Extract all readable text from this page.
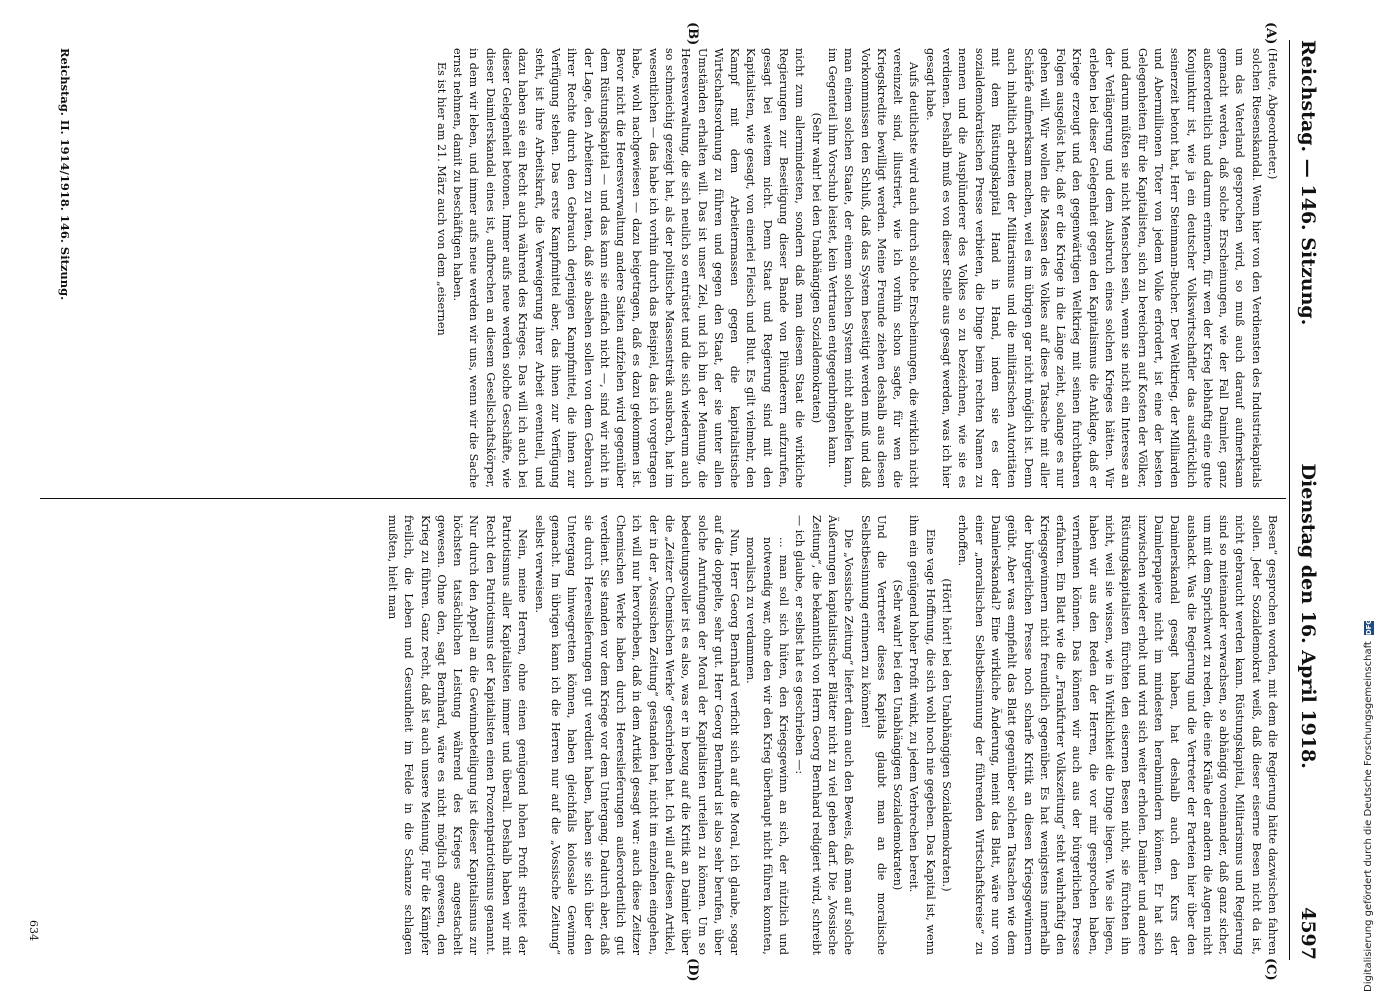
Reichstag. — 146. Sitzung.
Dienstag den 16. April 1918.
4597
(A)
(B)
(C)
(D)

(Heute, Abgeordneter.)

solchen Riesenskandal. Wenn hier von den Verdiensten des Industriekapitals um das Vaterland gesprochen wird, so muß auch darauf aufmerksam gemacht werden, daß solche Erscheinungen, wie der Fall Daimler, ganz außerordentlich und darum erinnern, für wen der Krieg lebhaftig eine gute Konjunktur ist, wie ja ein deutscher Volkswirtschaftler das ausdrücklich seinerzeit betont hat, Herr Steinmann-Bucher. Der Weltkrieg, der Milliarden und Abermillionen Toter von jedem Volke erfordert, ist eine der besten Gelegenheiten für die Kapitalisten, sich zu bereichern auf Kosten der Völker, und darum müßten sie nicht Menschen sein, wenn sie nicht ein Interesse an der Verlängerung und dem Ausbruch eines solchen Krieges hätten. Wir erleben bei dieser Gelegenheit gegen den Kapitalismus die Anklage, daß er Kriege erzeugt und den gegenwärtigen Weltkrieg mit seinen furchtbaren Folgen ausgelöst hat; daß er die Kriege in die Länge zieht, solange es nur gehen will. Wir wollen die Massen des Volkes auf diese Tatsache mit aller Schärfe aufmerksam machen, weil es im übrigen gar nicht möglich ist. Denn auch inhaltlich arbeiten der Militarismus und die militärischen Autoritäten mit dem Rüstungskapital Hand in Hand, indem sie es der sozialdemokratischen Presse verbieten, die Dinge beim rechten Namen zu nennen und die Ausplünderer des Volkes so zu bezeichnen, wie sie es verdienen. Deshalb muß es von dieser Stelle aus gesagt werden, was ich hier gesagt habe.

Aufs deutlichste wird auch durch solche Erscheinungen, die wirklich nicht vereinzelt sind, illustriert, wie ich vorhin schon sagte, für wen die Kriegskredite bewilligt werden. Meine Freunde ziehen deshalb aus diesen Vorkommnissen den Schluß, daß das System beseitigt werden muß und daß man einem solchen Staate, der einem solchen System nicht abhelfen kann, im Gegenteil ihm Vorschub leistet, kein Vertrauen entgegenbringen kann.

(Sehr wahr! bei den Unabhängigen Sozialdemokraten)

nicht zum allermindesten, sondern daß man diesem Staat die wirkliche Regierungen zur Beseitigung dieser Bande von Plünderern aufzurufen, gesagt bei weitem nicht. Denn Staat und Regierung sind mit den Kapitalisten, wie gesagt, von einerlei Fleisch und Blut. Es gilt vielmehr, den Kampf mit dem Arbeitermassen gegen die kapitalistische Wirtschaftsordnung zu führen und gegen den Staat, der sie unter allen Umständen erhalten will. Das ist unser Ziel, und ich bin der Meinung, die Heeresverwaltung, die sich neulich so entrüstet und die sich wiederum auch so schmeichig gezeigt hat, als der politische Massenstreik ausbrach, hat im wesentlichen — das habe ich vorhin durch das Beispiel, das ich vorgetragen habe, wohl nachgewiesen — dazu beigetragen, daß es dazu gekommen ist. Bevor nicht die Heeresverwaltung andere Saiten aufziehen wird gegenüber dem Rüstungskapital — und das kann sie einfach nicht —, sind wir nicht in der Lage, den Arbeitern zu raten, daß sie absehen sollen von dem Gebrauch ihrer Rechte durch den Gebrauch derjenigen Kampfmittel, die ihnen zur Verfügung stehen. Das erste Kampfmittel aber, das ihnen zur Verfügung steht, ist ihre Arbeitskraft, die Verweigerung ihrer Arbeit eventuell, und dazu haben sie ein Recht auch während des Krieges. Das will ich auch bei dieser Gelegenheit betonen. Immer aufs neue werden solche Geschäfte, wie dieser Daimlerskandal eines ist, aufbrechen an diesem Gesellschaftskörper, in dem wir leben, und immer aufs neue werden wir uns, wenn wir die Sache ernst nehmen, damit zu beschäftigen haben.

Es ist hier am 21. März auch von dem „eisernen

Besen“ gesprochen worden, mit dem die Regierung hätte dazwischen fahren sollen. Jeder Sozialdemokrat weiß, daß dieser eiserne Besen nicht da ist, nicht gebraucht werden kann. Rüstungskapital, Militarismus und Regierung sind so miteinander verwachsen, so abhängig voneinander, daß ganz sicher, um mit dem Sprichwort zu reden, die eine Krähe der andern die Augen nicht aushackt. Was die Regierung und die Vertreter der Parteien hier über den Daimlerskandal gesagt haben, hat deshalb auch den Kurs der Daimlerpapiere nicht im mindesten herabmindern können. Er hat sich inzwischen wieder erholt und wird sich weiter erholen. Daimler und andere Rüstungskapitalisten fürchten den eisernen Besen nicht, sie fürchten ihn nicht, weil sie wissen, wie in Wirklichkeit die Dinge liegen. Wie sie liegen, haben wir aus den Reden der Herren, die vor mir gesprochen haben, vernehmen können. Das können wir auch aus der bürgerlichen Presse erfahren. Ein Blatt wie die „Frankfurter Volkszeitung“ steht wahrhaftig den Kriegsgewinnern nicht freundlich gegenüber. Es hat wenigstens innerhalb der bürgerlichen Presse noch scharfe Kritik an diesen Kriegsgewinnern geübt. Aber was empfiehlt das Blatt gegenüber solchen Tatsachen wie dem Daimlerskandal? Eine wirkliche Änderung, meint das Blatt, wäre nur von einer „moralischen Selbstbesinnung der führenden Wirtschaftskreise“ zu erhoffen.

(Hört! hört! bei den Unabhängigen Sozialdemokraten.)

Eine vage Hoffnung, die sich wohl noch nie gegeben. Das Kapital ist, wenn ihm ein genügend hoher Profit winkt, zu jedem Verbrechen bereit.

(Sehr wahr! bei den Unabhängigen Sozialdemokraten)

Und die Vertreter dieses Kapitals glaubt man an die moralische Selbstbesinnung erinnern zu können!

Die „Vossische Zeitung“ liefert dann auch den Beweis, daß man auf solche Äußerungen kapitalistischer Blätter nicht zu viel geben darf. Die „Vossische Zeitung“, die bekanntlich von Herrn Georg Bernhard redigiert wird, schreibt — ich glaube, er selbst hat es geschrieben —:

... man soll sich hüten, den Kriegsgewinn an sich, der nützlich und notwendig war, ohne den wir den Krieg überhaupt nicht führen konnten, moralisch zu verdammen.

Nun, Herr Georg Bernhard verficht sich auf die Moral, ich glaube, sogar auf die doppelte, sehr gut. Herr Georg Bernhard ist also sehr berufen, über solche Anrufungen der Moral der Kapitalisten urteilen zu können. Um so bedeutungsvoller ist es also, was er in bezug auf die Kritik an Daimler über die „Zeitzer Chemischen Werke“ geschrieben hat. Ich will auf diesen Artikel, der in der „Vossischen Zeitung“ gestanden hat, nicht im einzelnen eingehen, ich will nur hervorheben, daß in dem Artikel gesagt war: auch diese Zeitzer Chemischen Werke haben durch Heereslieferungen außerordentlich gut verdient. Sie standen vor dem Kriege vor dem Untergang. Dadurch aber, daß sie durch Heereslieferungen gut verdient haben, haben sie sich über den Untergang hinwegretten können, haben gleichfalls kolossale Gewinne gemacht. Im übrigen kann ich die Herren nur auf die „Vossische Zeitung“ selbst verweisen.

Nein, meine Herren, ohne einen genügend hohen Profit streitet der Patriotismus aller Kapitalisten immer und überall. Deshalb haben wir mit Recht den Patriotismus der Kapitalisten einen Prozentpatriotismus genannt. Nur durch den Appell an die Gewinnbeteiligung ist dieser Kapitalismus zur höchsten tatsächlichen Leistung während des Krieges angestachelt gewesen. Ohne den, sagt Bernhard, wäre es nicht möglich gewesen, den Krieg zu führen. Ganz recht, daß ist auch unsere Meinung. Für die Kämpfer freilich, die Leben und Gesundheit im Felde in die Schanze schlagen mußten, hielt man

Reichstag. II. 1914/1918. 146. Sitzung.
634	Digitalisierung gefördert durch die Deutsche Forschungsgemeinschaft
DFG
